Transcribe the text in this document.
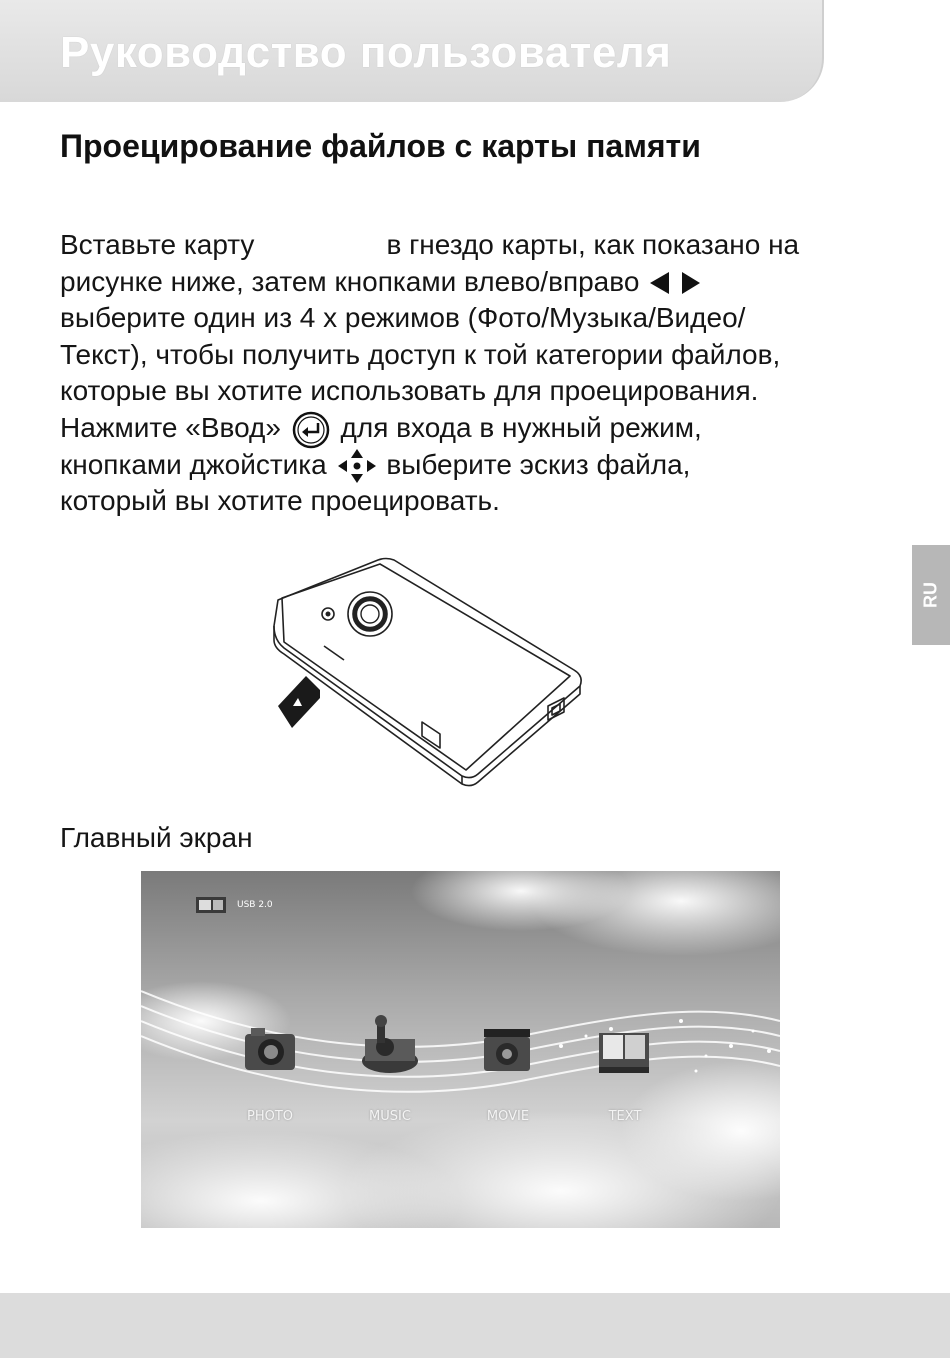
Руководство пользователя
Проецирование файлов с карты памяти
Вставьте карту	в гнездо карты, как показано на
рисунке ниже, затем кнопками влево/вправо
выберите один из 4 х режимов (Фото/Музыка/Видео/
Текст), чтобы получить доступ к той категории файлов,
которые вы хотите использовать для проецирования.
Нажмите «Ввод» для входа в нужный режим,
кнопками джойстика выберите эскиз файла,
который вы хотите проецировать.
RU
Главный экран
USB 2.0
PHOTO	MUSIC	MOVIE	TEXT
